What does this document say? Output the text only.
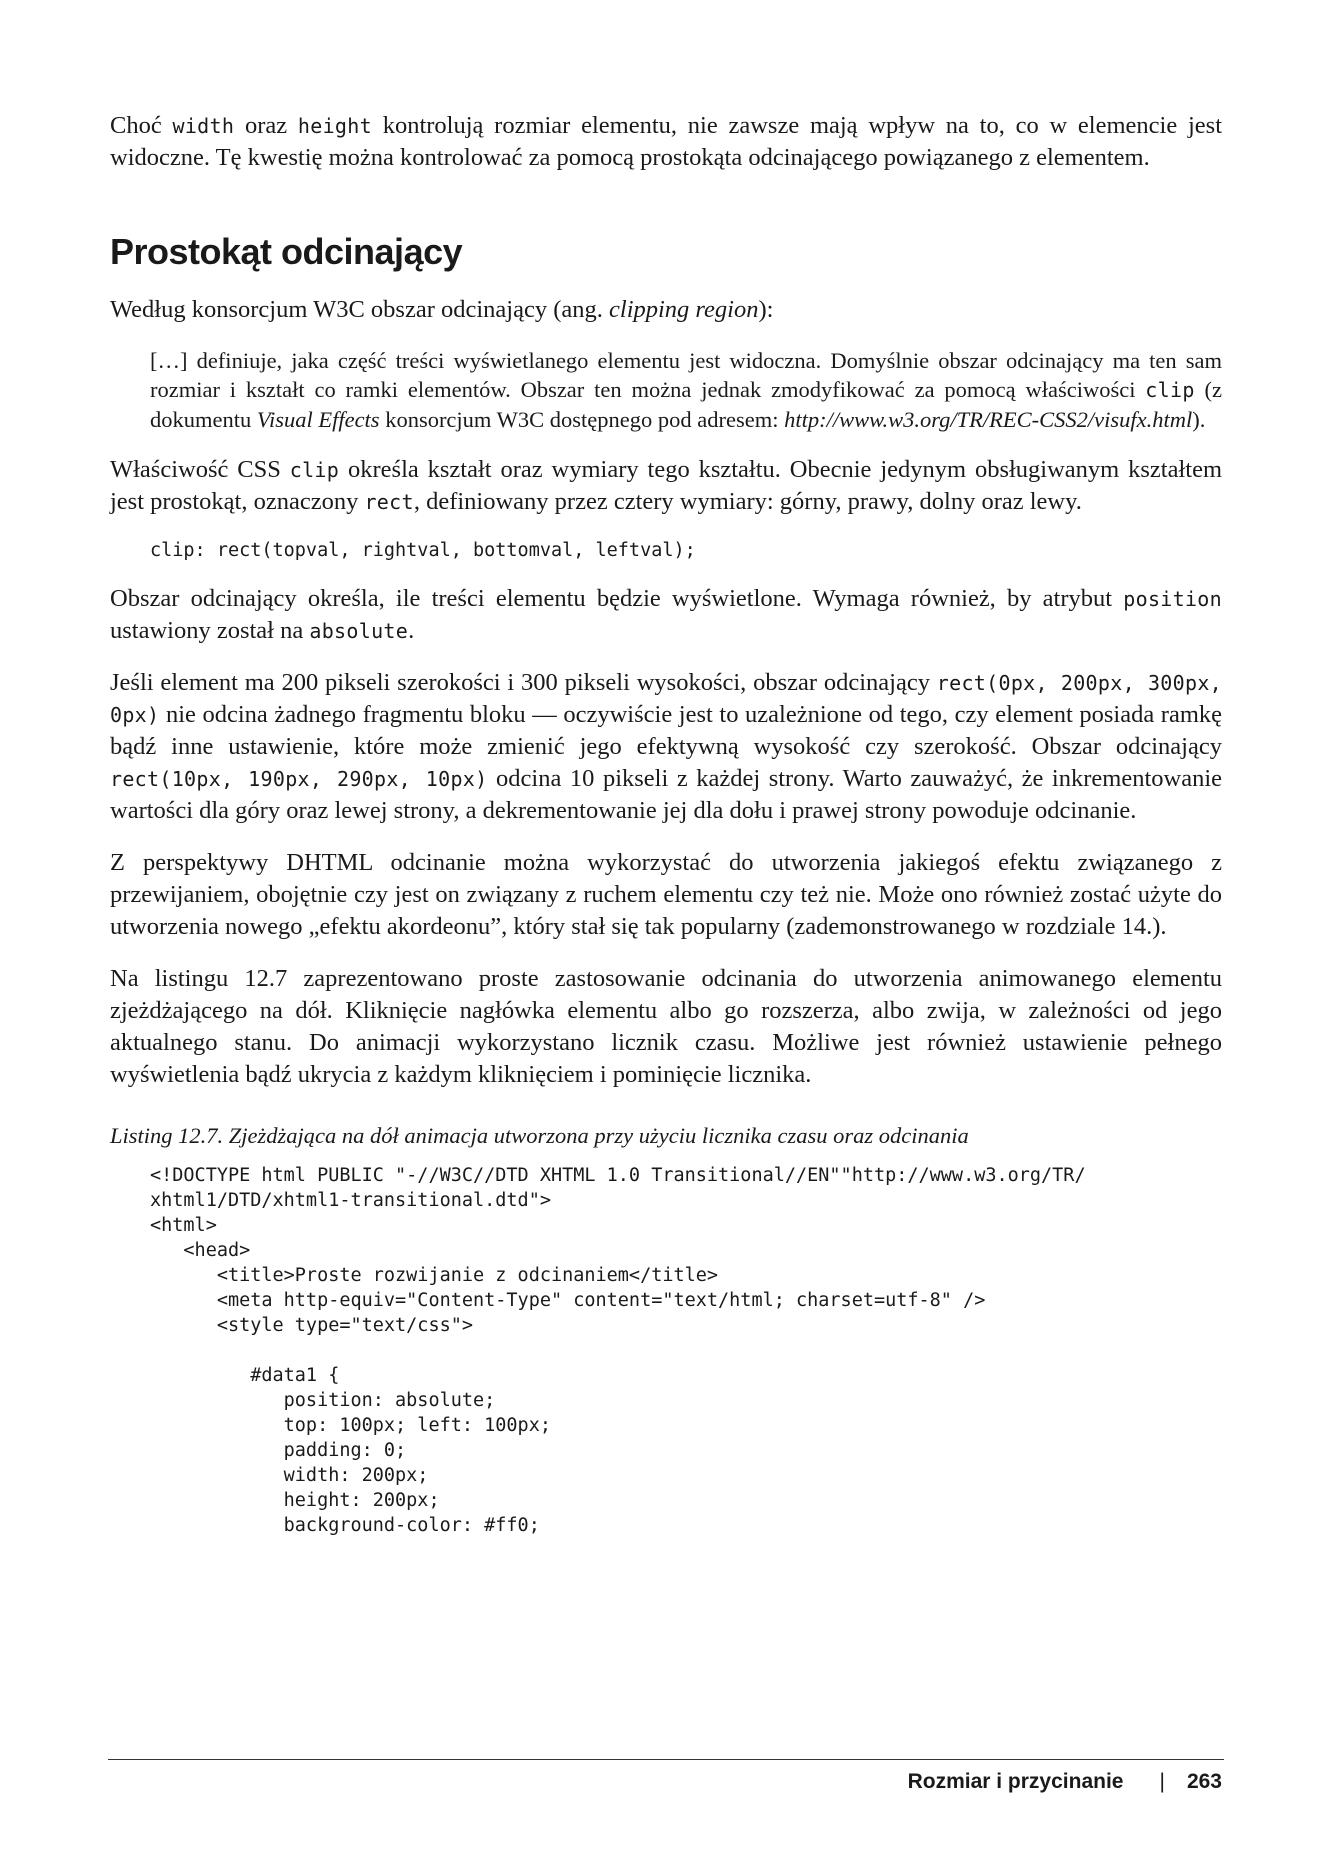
Choć width oraz height kontrolują rozmiar elementu, nie zawsze mają wpływ na to, co w elemencie jest widoczne. Tę kwestię można kontrolować za pomocą prostokąta odcinającego powiązanego z elementem.

Prostokąt odcinający

Według konsorcjum W3C obszar odcinający (ang. clipping region):

[…] definiuje, jaka część treści wyświetlanego elementu jest widoczna. Domyślnie obszar odcinający ma ten sam rozmiar i kształt co ramki elementów. Obszar ten można jednak zmodyfikować za pomocą właściwości clip (z dokumentu Visual Effects konsorcjum W3C dostępnego pod adresem: http://www.w3.org/TR/REC-CSS2/visufx.html).

Właściwość CSS clip określa kształt oraz wymiary tego kształtu. Obecnie jedynym obsługiwanym kształtem jest prostokąt, oznaczony rect, definiowany przez cztery wymiary: górny, prawy, dolny oraz lewy.

clip: rect(topval, rightval, bottomval, leftval);

Obszar odcinający określa, ile treści elementu będzie wyświetlone. Wymaga również, by atrybut position ustawiony został na absolute.

Jeśli element ma 200 pikseli szerokości i 300 pikseli wysokości, obszar odcinający rect(0px, 200px, 300px, 0px) nie odcina żadnego fragmentu bloku — oczywiście jest to uzależnione od tego, czy element posiada ramkę bądź inne ustawienie, które może zmienić jego efektywną wysokość czy szerokość. Obszar odcinający rect(10px, 190px, 290px, 10px) odcina 10 pikseli z każdej strony. Warto zauważyć, że inkrementowanie wartości dla góry oraz lewej strony, a dekrementowanie jej dla dołu i prawej strony powoduje odcinanie.

Z perspektywy DHTML odcinanie można wykorzystać do utworzenia jakiegoś efektu związanego z przewijaniem, obojętnie czy jest on związany z ruchem elementu czy też nie. Może ono również zostać użyte do utworzenia nowego „efektu akordeonu”, który stał się tak popularny (zademonstrowanego w rozdziale 14.).

Na listingu 12.7 zaprezentowano proste zastosowanie odcinania do utworzenia animowanego elementu zjeżdżającego na dół. Kliknięcie nagłówka elementu albo go rozszerza, albo zwija, w zależności od jego aktualnego stanu. Do animacji wykorzystano licznik czasu. Możliwe jest również ustawienie pełnego wyświetlenia bądź ukrycia z każdym kliknięciem i pominięcie licznika.

Listing 12.7. Zjeżdżająca na dół animacja utworzona przy użyciu licznika czasu oraz odcinania
<!DOCTYPE html PUBLIC "-//W3C//DTD XHTML 1.0 Transitional//EN""http://www.w3.org/TR/
xhtml1/DTD/xhtml1-transitional.dtd">
<html>
<head>
<title>Proste rozwijanie z odcinaniem</title>
<meta http-equiv="Content-Type" content="text/html; charset=utf-8" />
<style type="text/css">

#data1 {
position: absolute;
top: 100px; left: 100px;
padding: 0;
width: 200px;
height: 200px;
background-color: #ff0;
Rozmiar i przycinanie | 263
